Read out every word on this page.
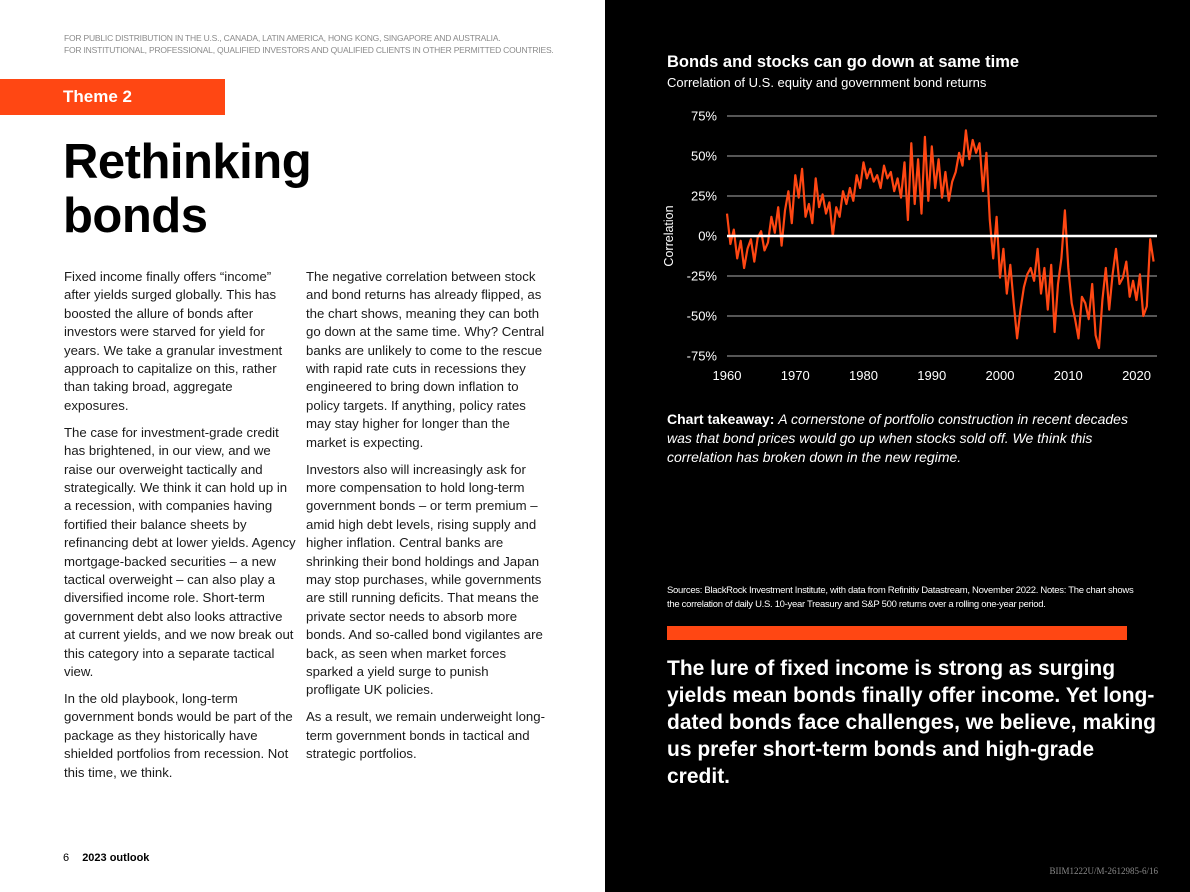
FOR PUBLIC DISTRIBUTION IN THE U.S., CANADA, LATIN AMERICA, HONG KONG, SINGAPORE AND AUSTRALIA.
FOR INSTITUTIONAL, PROFESSIONAL, QUALIFIED INVESTORS AND QUALIFIED CLIENTS IN OTHER PERMITTED COUNTRIES.
Theme 2
Rethinking
bonds

Fixed income finally offers “income” after yields surged globally. This has boosted the allure of bonds after investors were starved for yield for years. We take a granular investment approach to capitalize on this, rather than taking broad, aggregate exposures.

The case for investment-grade credit has brightened, in our view, and we raise our overweight tactically and strategically. We think it can hold up in a recession, with companies having fortified their balance sheets by refinancing debt at lower yields. Agency mortgage-backed securities – a new tactical overweight – can also play a diversified income role. Short-term government debt also looks attractive at current yields, and we now break out this category into a separate tactical view.

In the old playbook, long-term government bonds would be part of the package as they historically have shielded portfolios from recession. Not this time, we think.

The negative correlation between stock and bond returns has already flipped, as the chart shows, meaning they can both go down at the same time. Why? Central banks are unlikely to come to the rescue with rapid rate cuts in recessions they engineered to bring down inflation to policy targets. If anything, policy rates may stay higher for longer than the market is expecting.

Investors also will increasingly ask for more compensation to hold long-term government bonds – or term premium – amid high debt levels, rising supply and higher inflation. Central banks are shrinking their bond holdings and Japan may stop purchases, while governments are still running deficits. That means the private sector needs to absorb more bonds. And so-called bond vigilantes are back, as seen when market forces sparked a yield surge to punish profligate UK policies.

As a result, we remain underweight long-term government bonds in tactical and strategic portfolios.

6 2023 outlook
Bonds and stocks can go down at same time
Correlation of U.S. equity and government bond returns
75%
50%
25%
0%
-25%
-50%
-75%
1960	1970	1980	1990	2000	2010	2020
Correlation
Chart takeaway: A cornerstone of portfolio construction in recent decades was that bond prices would go up when stocks sold off. We think this correlation has broken down in the new regime.
Sources: BlackRock Investment Institute, with data from Refinitiv Datastream, November 2022. Notes: The chart shows the correlation of daily U.S. 10-year Treasury and S&P 500 returns over a rolling one-year period.
The lure of fixed income is strong as surging yields mean bonds finally offer income. Yet long-dated bonds face challenges, we believe, making us prefer short-term bonds and high-grade credit.
BIIM1222U/M-2612985-6/16
